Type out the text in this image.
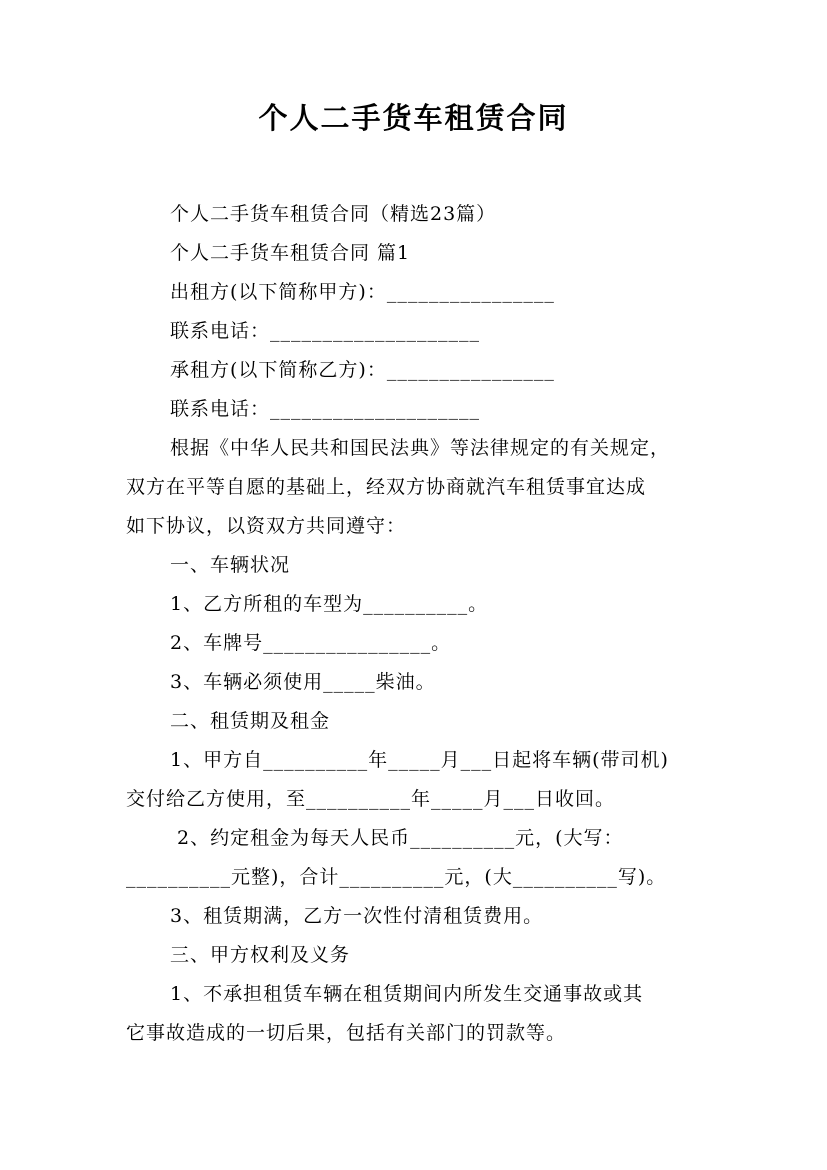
个人二手货车租赁合同
个人二手货车租赁合同（精选23篇）
个人二手货车租赁合同 篇1
出租方(以下简称甲方)：________________
联系电话：____________________
承租方(以下简称乙方)：________________
联系电话：____________________
根据《中华人民共和国民法典》等法律规定的有关规定，
双方在平等自愿的基础上，经双方协商就汽车租赁事宜达成
如下协议，以资双方共同遵守：
一、车辆状况
1、乙方所租的车型为__________。
2、车牌号________________。
3、车辆必须使用_____柴油。
二、租赁期及租金
1、甲方自__________年_____月___日起将车辆(带司机)
交付给乙方使用，至__________年_____月___日收回。
2、约定租金为每天人民币__________元，(大写：
__________元整)，合计__________元，(大__________写)。
3、租赁期满，乙方一次性付清租赁费用。
三、甲方权利及义务
1、不承担租赁车辆在租赁期间内所发生交通事故或其
它事故造成的一切后果，包括有关部门的罚款等。
